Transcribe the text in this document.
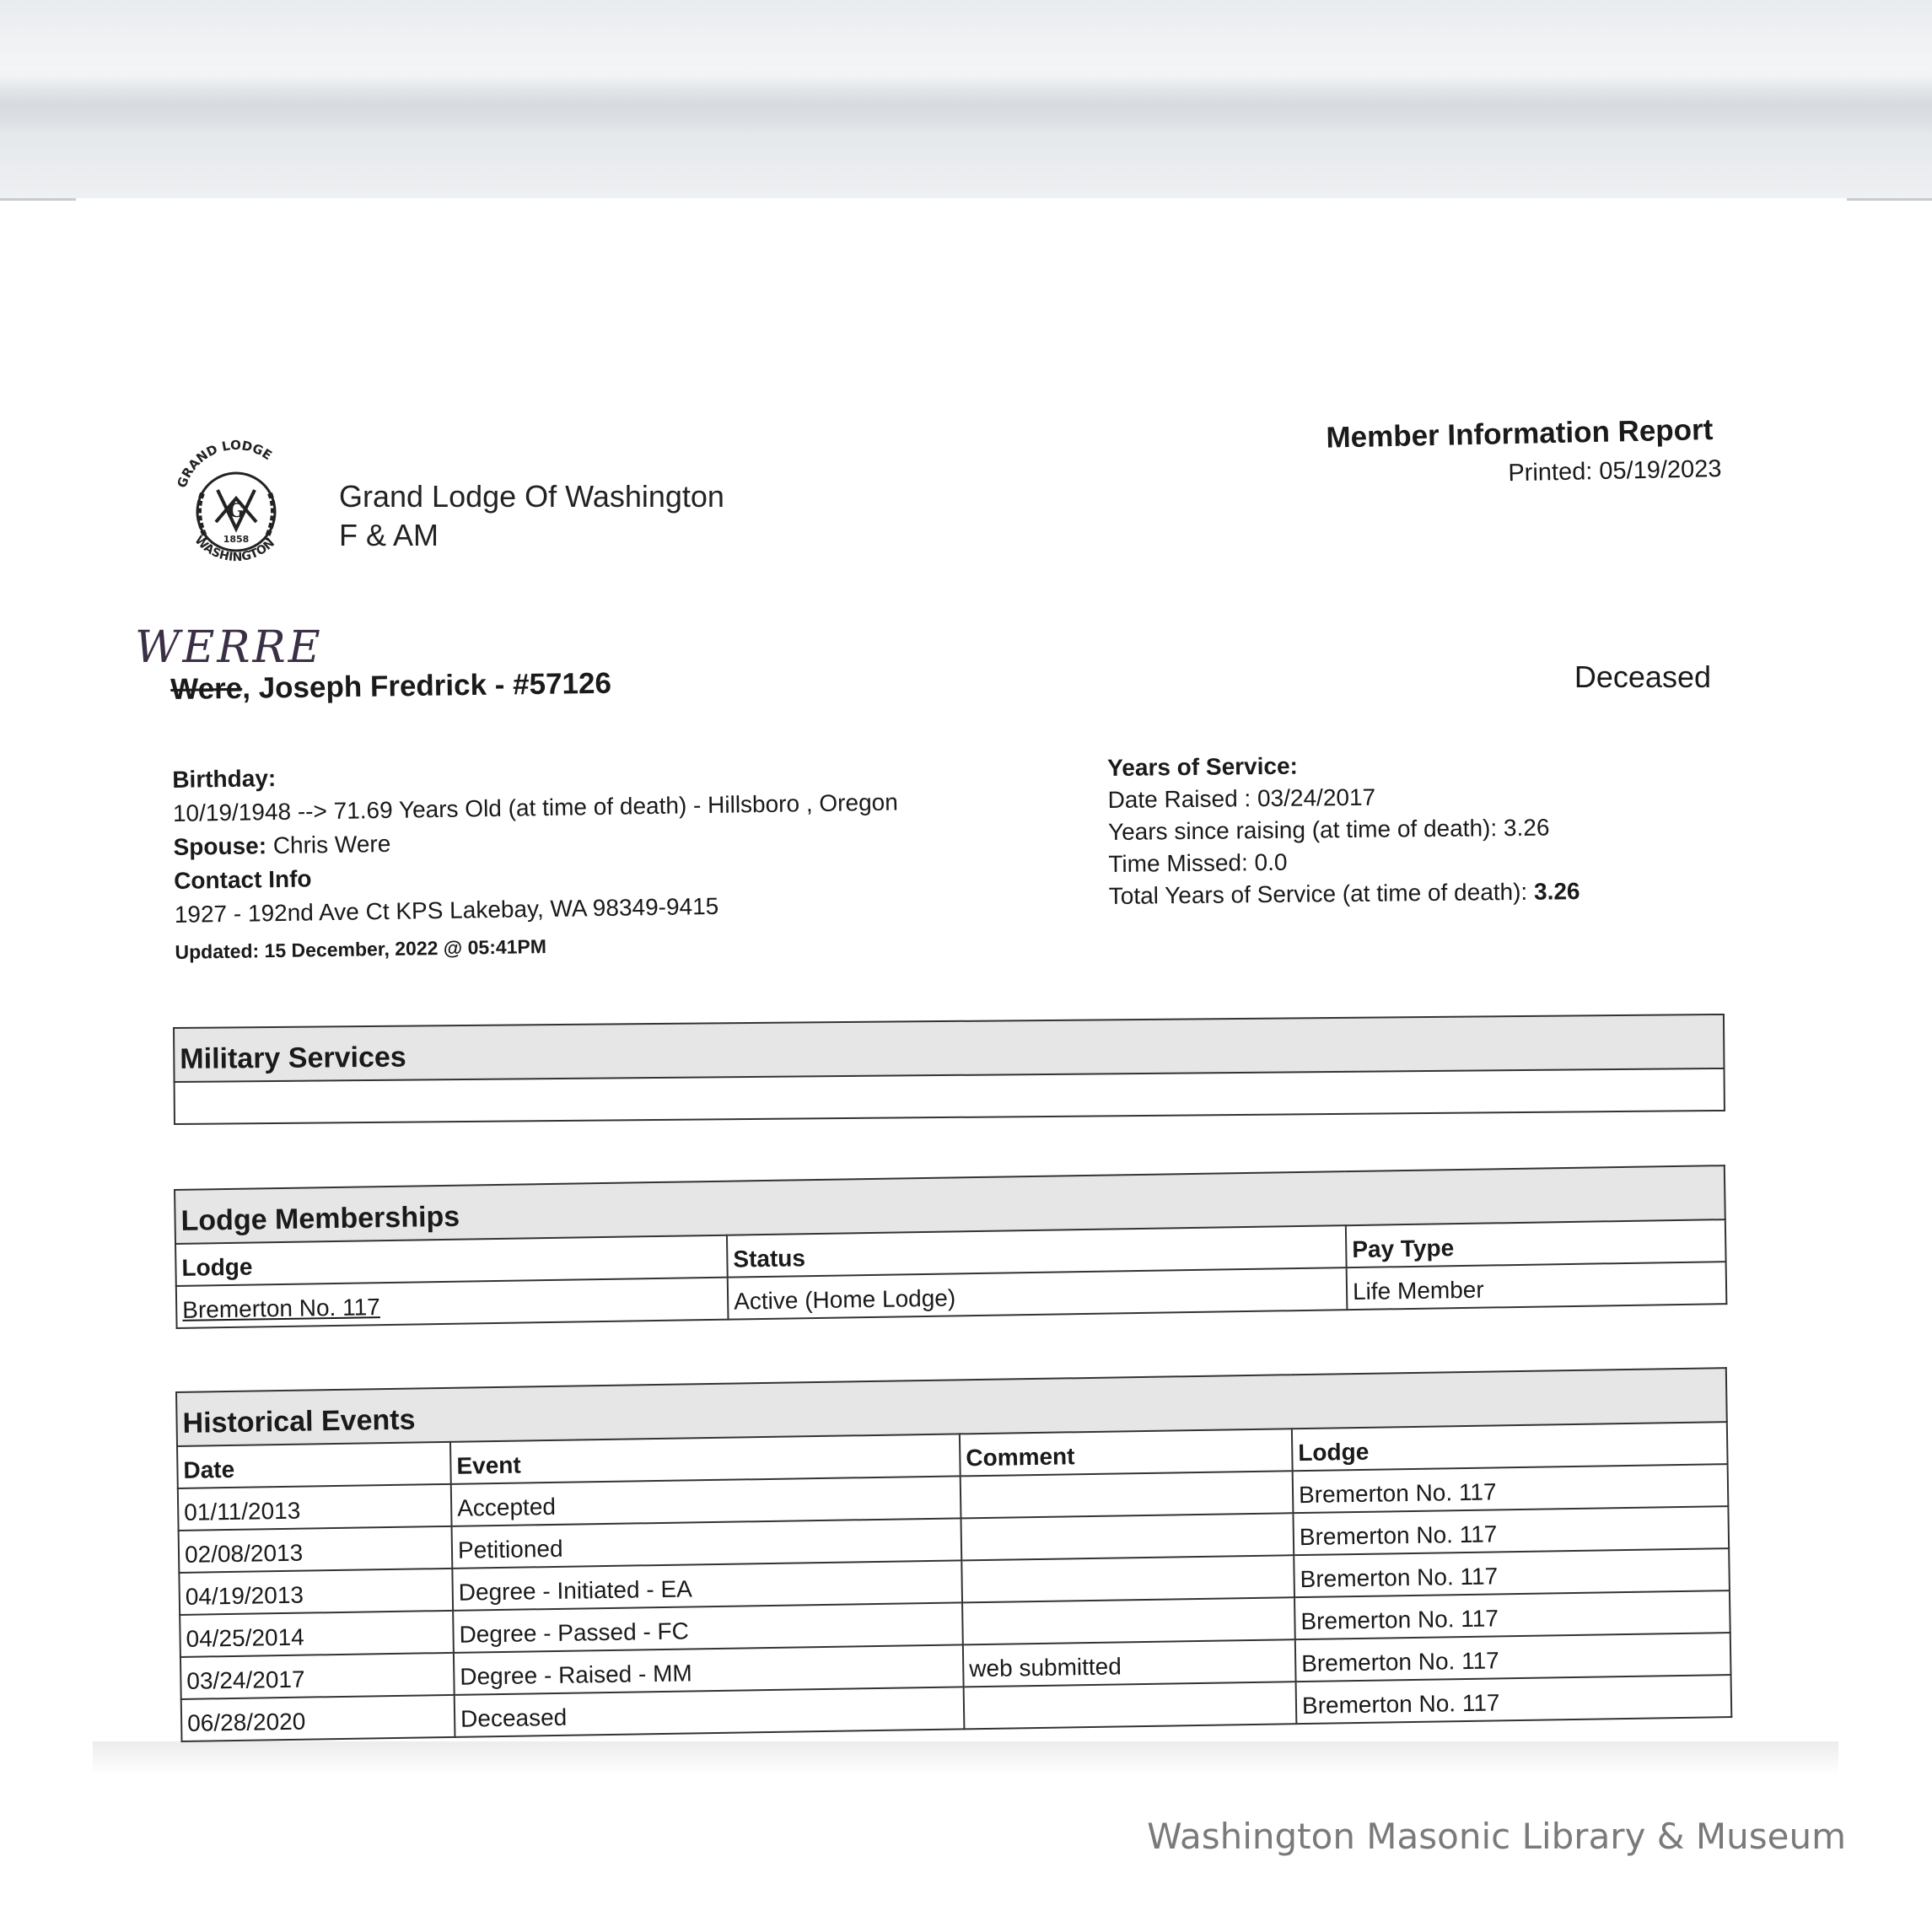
GRAND LODGE
WASHINGTON
G
1858
Grand Lodge Of Washington
F & AM
Member Information Report
Printed: 05/19/2023
WERRE
Were, Joseph Fredrick - #57126	Deceased
Birthday:
10/19/1948 --> 71.69 Years Old (at time of death) - Hillsboro , Oregon
Spouse: Chris Were
Contact Info
1927 - 192nd Ave Ct KPS Lakebay, WA 98349-9415
Updated: 15 December, 2022 @ 05:41PM
Years of Service:
Date Raised : 03/24/2017
Years since raising (at time of death): 3.26
Time Missed: 0.0
Total Years of Service (at time of death): 3.26
Military Services

Lodge Memberships		
Lodge	Status	Pay Type
Bremerton No. 117	Active (Home Lodge)	Life Member
Historical Events			
Date	Event	Comment	Lodge
01/11/2013	Accepted		Bremerton No. 117
02/08/2013	Petitioned		Bremerton No. 117
04/19/2013	Degree - Initiated - EA		Bremerton No. 117
04/25/2014	Degree - Passed - FC		Bremerton No. 117
03/24/2017	Degree - Raised - MM	web submitted	Bremerton No. 117
06/28/2020	Deceased		Bremerton No. 117
Washington Masonic Library & Museum
